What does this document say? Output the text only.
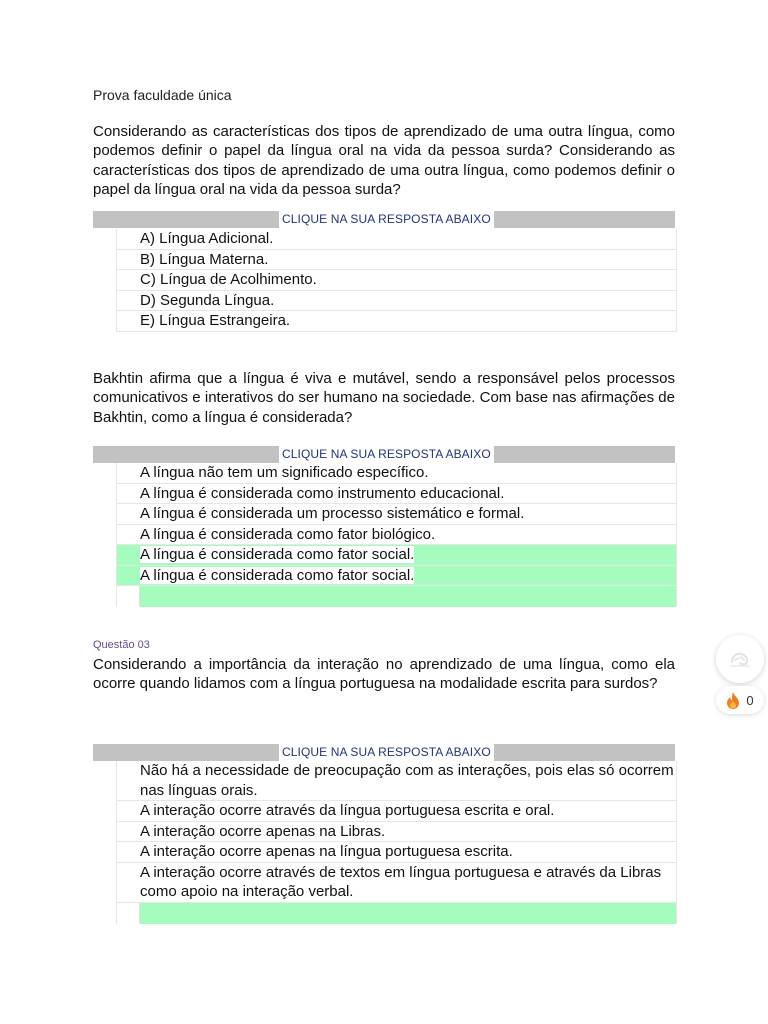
Prova faculdade única
Considerando as características dos tipos de aprendizado de uma outra língua, como podemos definir o papel da língua oral na vida da pessoa surda? Considerando as características dos tipos de aprendizado de uma outra língua, como podemos definir o papel da língua oral na vida da pessoa surda?
CLIQUE NA SUA RESPOSTA ABAIXO
A) Língua Adicional.
B) Língua Materna.
C) Língua de Acolhimento.
D) Segunda Língua.
E) Língua Estrangeira.
Bakhtin afirma que a língua é viva e mutável, sendo a responsável pelos processos comunicativos e interativos do ser humano na sociedade. Com base nas afirmações de Bakhtin, como a língua é considerada?
CLIQUE NA SUA RESPOSTA ABAIXO
A língua não tem um significado específico.
A língua é considerada como instrumento educacional.
A língua é considerada um processo sistemático e formal.
A língua é considerada como fator biológico.
A língua é considerada como fator social.
A língua é considerada como fator social.
Questão 03
Considerando a importância da interação no aprendizado de uma língua, como ela ocorre quando lidamos com a língua portuguesa na modalidade escrita para surdos?
CLIQUE NA SUA RESPOSTA ABAIXO
Não há a necessidade de preocupação com as interações, pois elas só ocorrem nas línguas orais.
A interação ocorre através da língua portuguesa escrita e oral.
A interação ocorre apenas na Libras.
A interação ocorre apenas na língua portuguesa escrita.
A interação ocorre através de textos em língua portuguesa e através da Libras como apoio na interação verbal.
0
